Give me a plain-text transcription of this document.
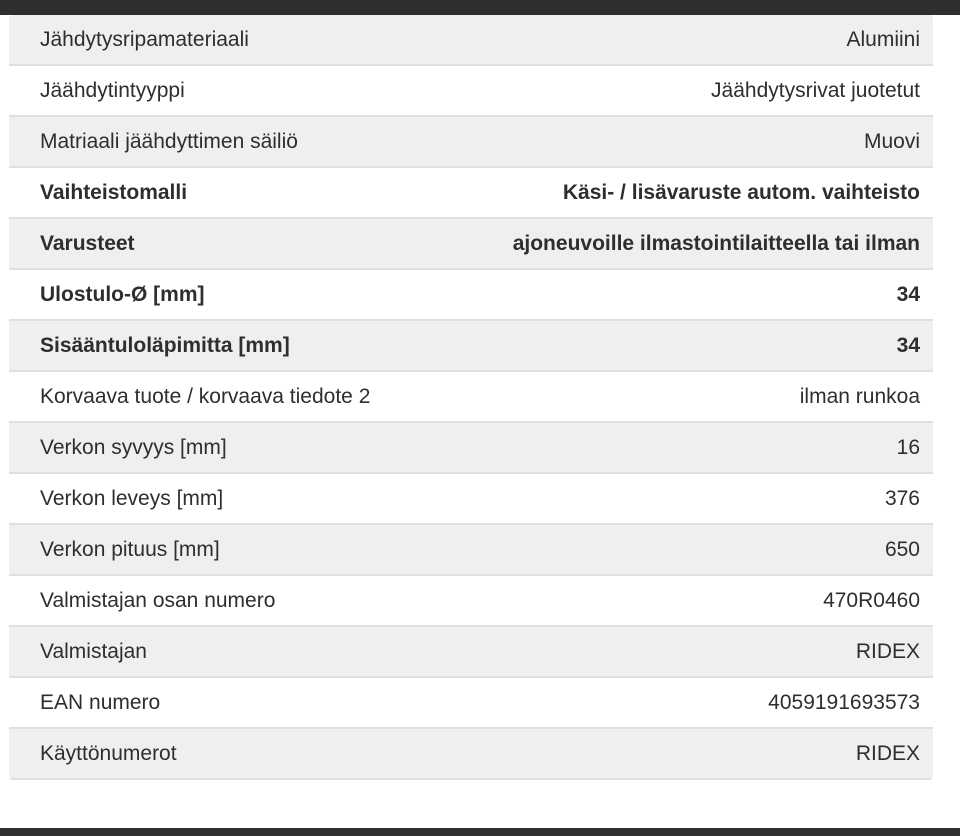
Jähdytysripamateriaali	Alumiini
Jäähdytintyyppi	Jäähdytysrivat juotetut
Matriaali jäähdyttimen säiliö	Muovi
Vaihteistomalli	Käsi- / lisävaruste autom. vaihteisto
Varusteet	ajoneuvoille ilmastointilaitteella tai ilman
Ulostulo-Ø [mm]	34
Sisääntuloläpimitta [mm]	34
Korvaava tuote / korvaava tiedote 2	ilman runkoa
Verkon syvyys [mm]	16
Verkon leveys [mm]	376
Verkon pituus [mm]	650
Valmistajan osan numero	470R0460
Valmistajan	RIDEX
EAN numero	4059191693573
Käyttönumerot	RIDEX
